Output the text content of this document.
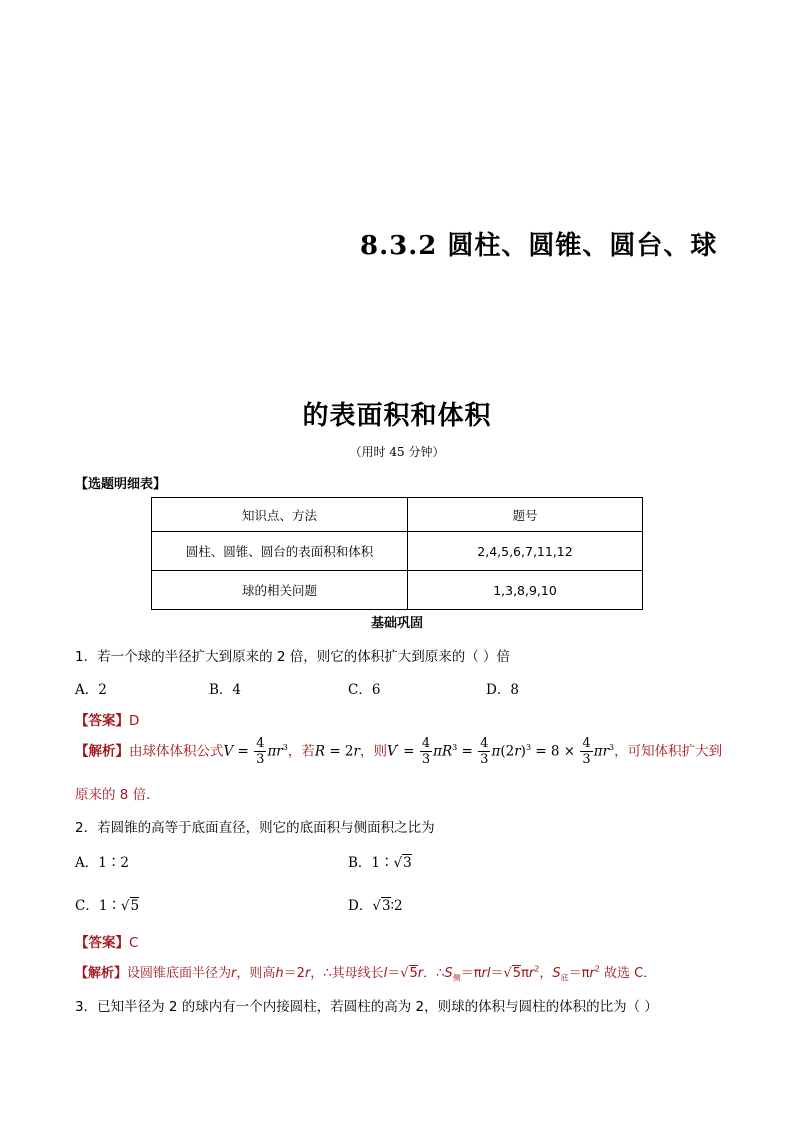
8.3.2 圆柱、圆锥、圆台、球
的表面积和体积
（用时 45 分钟）
【选题明细表】
知识点、方法	题号
圆柱、圆锥、圆台的表面积和体积	2,4,5,6,7,11,12
球的相关问题	1,3,8,9,10
基础巩固
1．若一个球的半径扩大到原来的 2 倍，则它的体积扩大到原来的（ ）倍
A．2	B．4	C．6	D．8
【答案】D
【解析】由球体体积公式$V = \frac{4}{3} \pi r^3$，若R = 2r，则$V' = \frac{4}{3} \pi R^3 = \frac{4}{3} \pi(2r)^3 = 8 \times \frac{4}{3} \pi r^3$，可知体积扩大到
原来的 8 倍.
2．若圆锥的高等于底面直径，则它的底面积与侧面积之比为
A．1∶2	B．1∶√3
C．1∶√5	D．√3∶2
【答案】C
【解析】设圆锥底面半径为r，则高h＝2r，∴其母线长l＝√5r．$\therefore S_侧=\pi rl=√5\pi r^2$，$S_底=\pi r^2$ 故选 C．
3．已知半径为 2 的球内有一个内接圆柱，若圆柱的高为 2，则球的体积与圆柱的体积的比为（ ）
